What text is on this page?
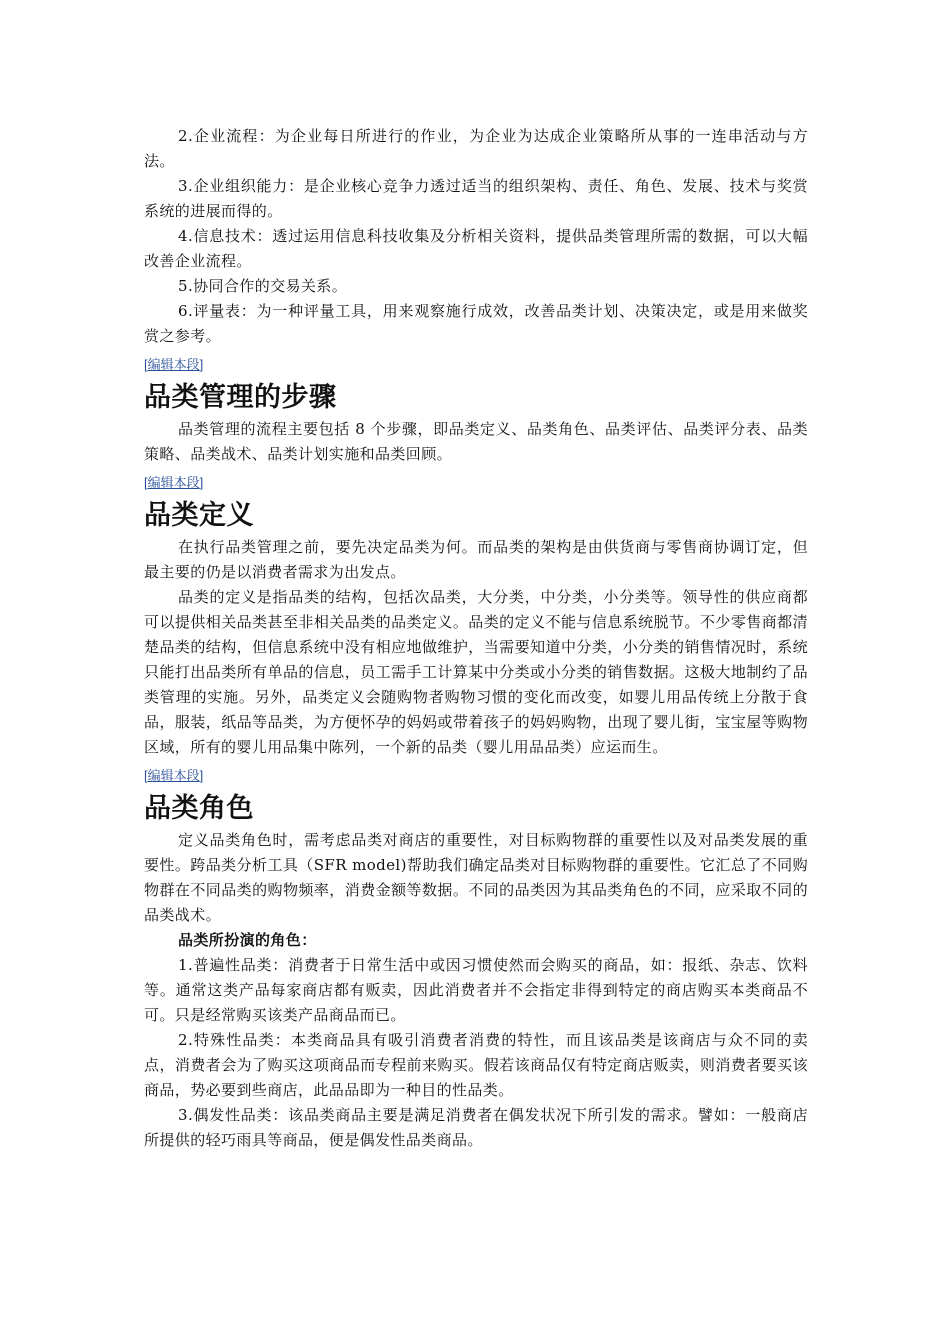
2.企业流程：为企业每日所进行的作业，为企业为达成企业策略所从事的一连串活动与方法。

3.企业组织能力：是企业核心竞争力透过适当的组织架构、责任、角色、发展、技术与奖赏系统的进展而得的。

4.信息技术：透过运用信息科技收集及分析相关资料，提供品类管理所需的数据，可以大幅改善企业流程。

5.协同合作的交易关系。

6.评量表：为一种评量工具，用来观察施行成效，改善品类计划、决策决定，或是用来做奖赏之参考。

[编辑本段]
品类管理的步骤

品类管理的流程主要包括 8 个步骤，即品类定义、品类角色、品类评估、品类评分表、品类策略、品类战术、品类计划实施和品类回顾。

[编辑本段]
品类定义

在执行品类管理之前，要先决定品类为何。而品类的架构是由供货商与零售商协调订定，但最主要的仍是以消费者需求为出发点。

品类的定义是指品类的结构，包括次品类，大分类，中分类，小分类等。领导性的供应商都可以提供相关品类甚至非相关品类的品类定义。品类的定义不能与信息系统脱节。不少零售商都清楚品类的结构，但信息系统中没有相应地做维护，当需要知道中分类，小分类的销售情况时，系统只能打出品类所有单品的信息，员工需手工计算某中分类或小分类的销售数据。这极大地制约了品类管理的实施。另外，品类定义会随购物者购物习惯的变化而改变，如婴儿用品传统上分散于食品，服装，纸品等品类，为方便怀孕的妈妈或带着孩子的妈妈购物，出现了婴儿街，宝宝屋等购物区域，所有的婴儿用品集中陈列，一个新的品类（婴儿用品品类）应运而生。

[编辑本段]
品类角色

定义品类角色时，需考虑品类对商店的重要性，对目标购物群的重要性以及对品类发展的重要性。跨品类分析工具（SFR model)帮助我们确定品类对目标购物群的重要性。它汇总了不同购物群在不同品类的购物频率，消费金额等数据。不同的品类因为其品类角色的不同，应采取不同的品类战术。

品类所扮演的角色：

1.普遍性品类：消费者于日常生活中或因习惯使然而会购买的商品，如：报纸、杂志、饮料等。通常这类产品每家商店都有贩卖，因此消费者并不会指定非得到特定的商店购买本类商品不可。只是经常购买该类产品商品而已。

2.特殊性品类：本类商品具有吸引消费者消费的特性，而且该品类是该商店与众不同的卖点，消费者会为了购买这项商品而专程前来购买。假若该商品仅有特定商店贩卖，则消费者要买该商品，势必要到些商店，此品品即为一种目的性品类。

3.偶发性品类：该品类商品主要是满足消费者在偶发状况下所引发的需求。譬如：一般商店所提供的轻巧雨具等商品，便是偶发性品类商品。
